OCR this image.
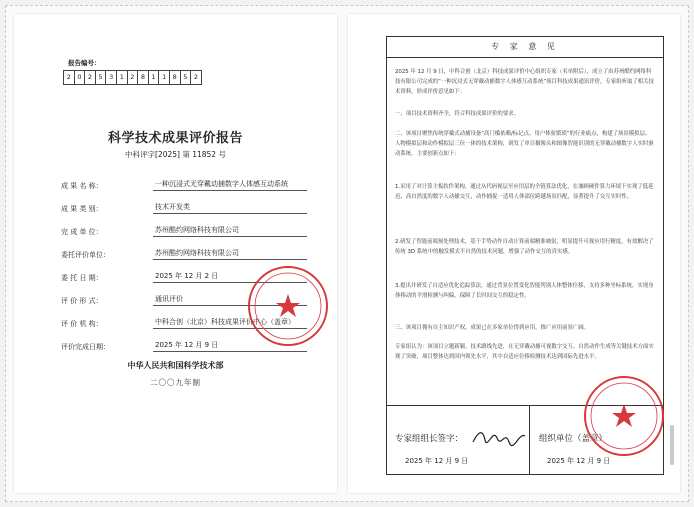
报告编号：
2 0 2 5 3 1 2 8 1 1 8 5 2
科学技术成果评价报告
中科评字[2025] 第 11852 号
成 果 名 称：	一种沉浸式无穿戴动捕数字人体感互动系统
成 果 类 别：	技术开发类
完 成 单 位：	苏州酷约网络科技有限公司
委托评价单位：	苏州酷约网络科技有限公司
委 托 日 期：	2025 年 12 月 2 日
评 价 形 式：	通讯评价
评 价 机 构：	中科合创（北京）科技成果评价中心（盖章）
评价完成日期：	2025 年 12 月 9 日
中华人民共和国科学技术部
二〇〇九年制
专 家 意 见
2025 年 12 月 9 日，中科合创（北京）科技成果评价中心组织专家（名单附后），成立了由苏州酷约网络科技有限公司完成的“一种沉浸式无穿戴动捕数字人体感互动系统”项目科技成果通讯评价，专家组听取了相关技术资料，形成评价意见如下：
一、项目技术资料齐全，符合科技成果评价的要求。
二、该项目聚焦传统穿戴式动捕设备“高门槛依赖/标记点、用户体验繁琐”的行业痛点，构建了场景模拟层、人物模拟层和动作模拟层三位一体的技术架构，研发了单目摄像头和图像智能识别的无穿戴动捕数字人实时驱动系统，主要创新点如下：
1.采用了对计算主板软件架构，通过从代码视层至应用层的全链算法优化，在兼顾硬件算力环境下实现了低延迟、高自然度的数字人动捕交互，动作捕捉一适用人体部位跨越场景匹配，显著提升了交互实时性。
2.研发了智能前端预处理技术，基于手势动作自动计算前端精准映射，明显提升可视应用行精度，有效解决了传统 3D 系统中的触发模式不自然的技术问题，增强了动作交互的真实感。
3.提出并研发了自适应优化追踪算法，通过背景位置变化智能判别人体整体位移，支持多种坐标系统，实现身体移动的平滑检测与纠偏，保障了长时间交互的稳定性。
三、该项目拥有自主知识产权，成果已在多家单位得到应用，推广应用前景广阔。
专家组认为：该项目立题新颖，技术路线先进，在无穿戴动捕可视数字交互、自然动作生成等关键技术方面实现了突破，项目整体达到国内领先水平，其中自适应位移检测技术达到国际先进水平。
专家组组长签字：	组织单位（盖章）
2025 年 12 月 9 日	2025 年 12 月 9 日
